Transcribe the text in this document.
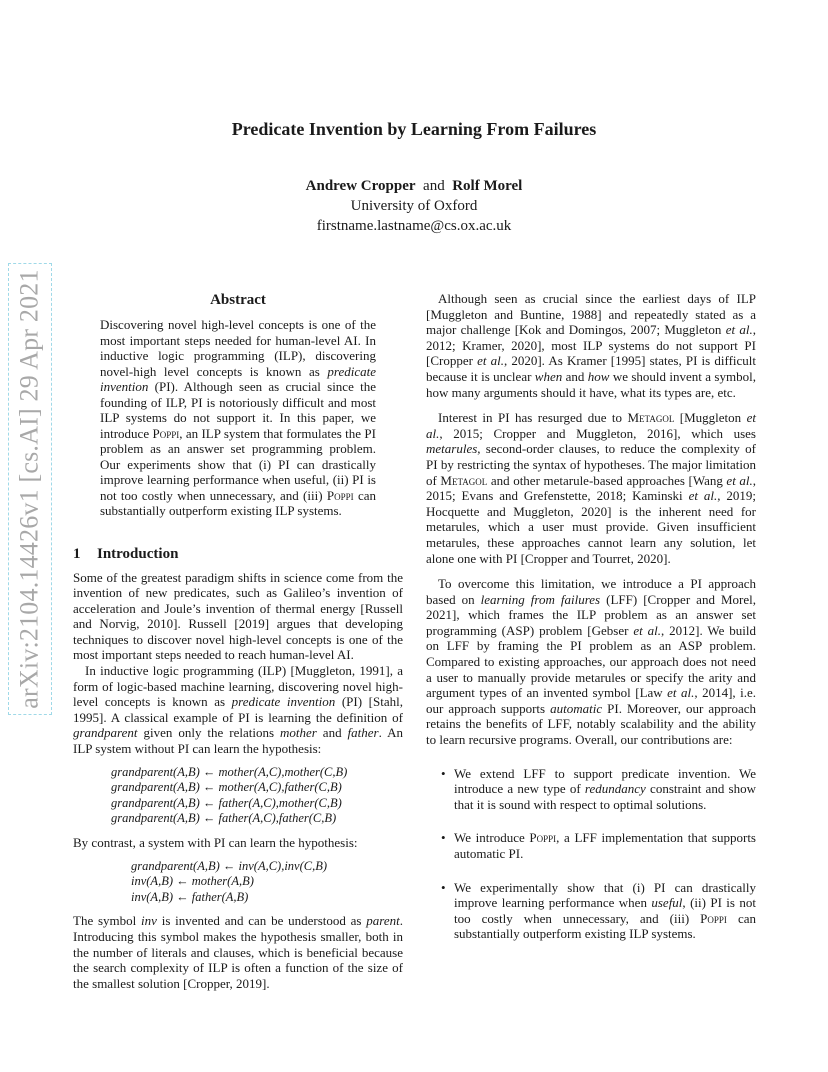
arXiv:2104.14426v1 [cs.AI] 29 Apr 2021
Predicate Invention by Learning From Failures
Andrew Cropper and Rolf Morel
University of Oxford
firstname.lastname@cs.ox.ac.uk
Abstract
Discovering novel high-level concepts is one of the most important steps needed for human-level AI. In inductive logic programming (ILP), discovering novel-high level concepts is known as predicate invention (PI). Although seen as crucial since the founding of ILP, PI is notoriously difficult and most ILP systems do not support it. In this paper, we introduce Poppi, an ILP system that formulates the PI problem as an answer set programming problem. Our experiments show that (i) PI can drastically improve learning performance when useful, (ii) PI is not too costly when unnecessary, and (iii) Poppi can substantially outperform existing ILP systems.
1 Introduction

Some of the greatest paradigm shifts in science come from the invention of new predicates, such as Galileo’s invention of acceleration and Joule’s invention of thermal energy [Russell and Norvig, 2010]. Russell [2019] argues that developing techniques to discover novel high-level concepts is one of the most important steps needed to reach human-level AI.

In inductive logic programming (ILP) [Muggleton, 1991], a form of logic-based machine learning, discovering novel high-level concepts is known as predicate invention (PI) [Stahl, 1995]. A classical example of PI is learning the definition of grandparent given only the relations mother and father. An ILP system without PI can learn the hypothesis:

grandparent(A,B) ← mother(A,C),mother(C,B)
grandparent(A,B) ← mother(A,C),father(C,B)
grandparent(A,B) ← father(A,C),mother(C,B)
grandparent(A,B) ← father(A,C),father(C,B)

By contrast, a system with PI can learn the hypothesis:

grandparent(A,B) ← inv(A,C),inv(C,B)
inv(A,B) ← mother(A,B)
inv(A,B) ← father(A,B)

The symbol inv is invented and can be understood as parent. Introducing this symbol makes the hypothesis smaller, both in the number of literals and clauses, which is beneficial because the search complexity of ILP is often a function of the size of the smallest solution [Cropper, 2019].

Although seen as crucial since the earliest days of ILP [Muggleton and Buntine, 1988] and repeatedly stated as a major challenge [Kok and Domingos, 2007; Muggleton et al., 2012; Kramer, 2020], most ILP systems do not support PI [Cropper et al., 2020]. As Kramer [1995] states, PI is difficult because it is unclear when and how we should invent a symbol, how many arguments should it have, what its types are, etc.

Interest in PI has resurged due to Metagol [Muggleton et al., 2015; Cropper and Muggleton, 2016], which uses metarules, second-order clauses, to reduce the complexity of PI by restricting the syntax of hypotheses. The major limitation of Metagol and other metarule-based approaches [Wang et al., 2015; Evans and Grefenstette, 2018; Kaminski et al., 2019; Hocquette and Muggleton, 2020] is the inherent need for metarules, which a user must provide. Given insufficient metarules, these approaches cannot learn any solution, let alone one with PI [Cropper and Tourret, 2020].

To overcome this limitation, we introduce a PI approach based on learning from failures (LFF) [Cropper and Morel, 2021], which frames the ILP problem as an answer set programming (ASP) problem [Gebser et al., 2012]. We build on LFF by framing the PI problem as an ASP problem. Compared to existing approaches, our approach does not need a user to manually provide metarules or specify the arity and argument types of an invented symbol [Law et al., 2014], i.e. our approach supports automatic PI. Moreover, our approach retains the benefits of LFF, notably scalability and the ability to learn recursive programs. Overall, our contributions are:

• We extend LFF to support predicate invention. We introduce a new type of redundancy constraint and show that it is sound with respect to optimal solutions.
• We introduce Poppi, a LFF implementation that supports automatic PI.
• We experimentally show that (i) PI can drastically improve learning performance when useful, (ii) PI is not too costly when unnecessary, and (iii) Poppi can substantially outperform existing ILP systems.
